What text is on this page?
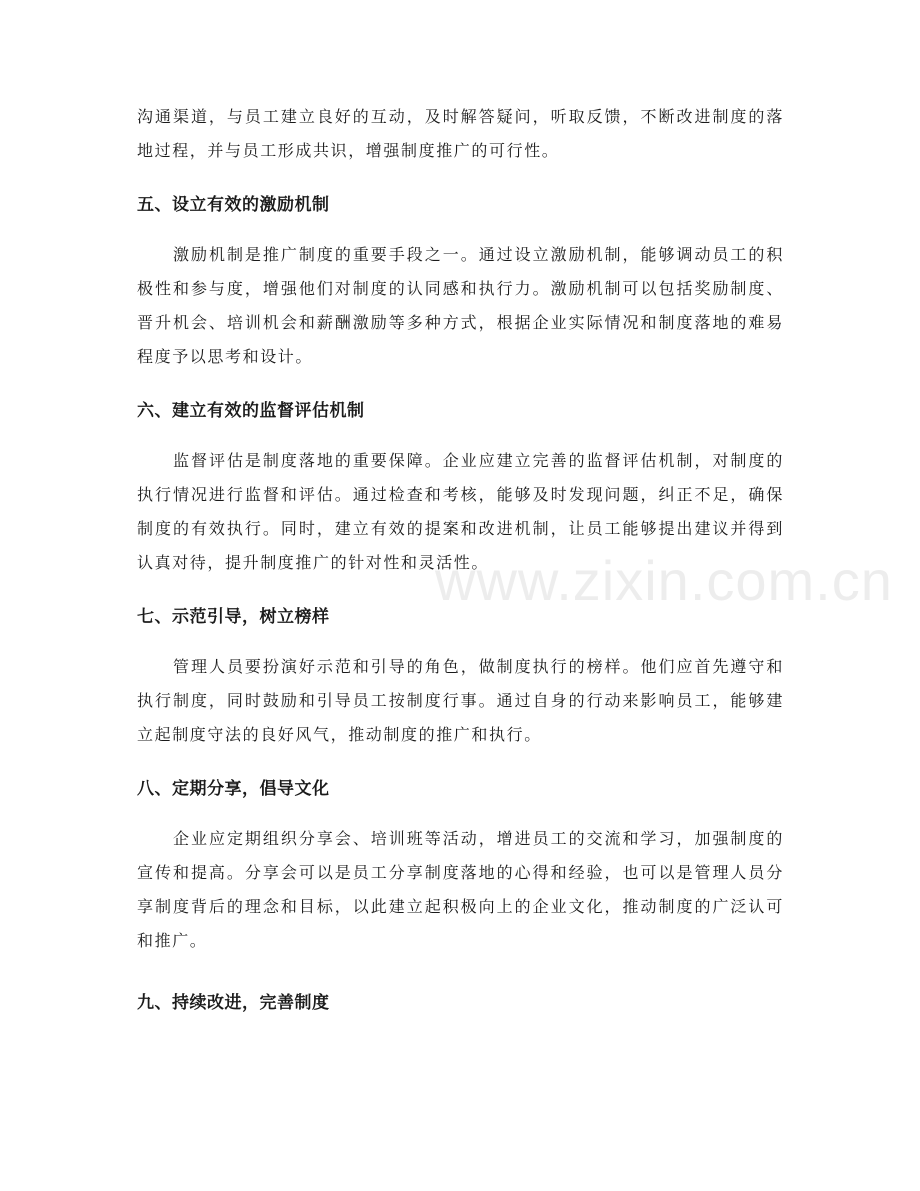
沟通渠道，与员工建立良好的互动，及时解答疑问，听取反馈，不断改进制度的落地过程，并与员工形成共识，增强制度推广的可行性。

五、设立有效的激励机制

激励机制是推广制度的重要手段之一。通过设立激励机制，能够调动员工的积极性和参与度，增强他们对制度的认同感和执行力。激励机制可以包括奖励制度、晋升机会、培训机会和薪酬激励等多种方式，根据企业实际情况和制度落地的难易程度予以思考和设计。

六、建立有效的监督评估机制

监督评估是制度落地的重要保障。企业应建立完善的监督评估机制，对制度的执行情况进行监督和评估。通过检查和考核，能够及时发现问题，纠正不足，确保制度的有效执行。同时，建立有效的提案和改进机制，让员工能够提出建议并得到认真对待，提升制度推广的针对性和灵活性。

七、示范引导，树立榜样

管理人员要扮演好示范和引导的角色，做制度执行的榜样。他们应首先遵守和执行制度，同时鼓励和引导员工按制度行事。通过自身的行动来影响员工，能够建立起制度守法的良好风气，推动制度的推广和执行。

八、定期分享，倡导文化

企业应定期组织分享会、培训班等活动，增进员工的交流和学习，加强制度的宣传和提高。分享会可以是员工分享制度落地的心得和经验，也可以是管理人员分享制度背后的理念和目标，以此建立起积极向上的企业文化，推动制度的广泛认可和推广。

九、持续改进，完善制度
www.zixin.com.cn
